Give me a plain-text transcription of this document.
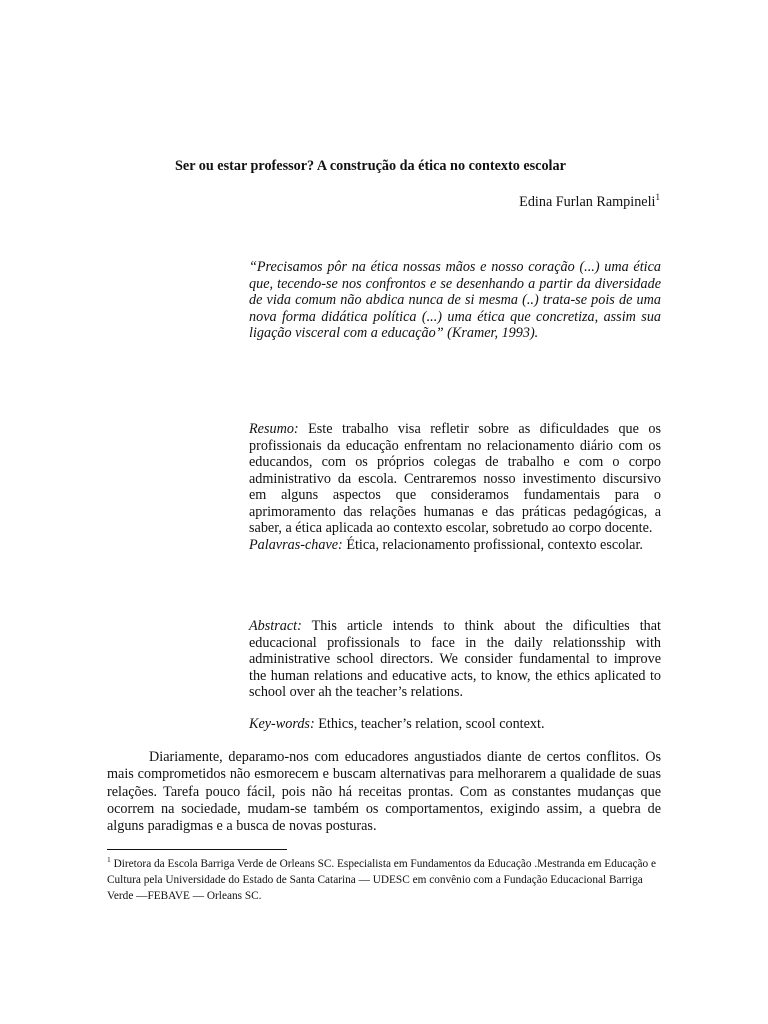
Ser ou estar professor? A construção da ética no contexto escolar
Edina Furlan Rampineli$^1$
“Precisamos pôr na ética nossas mãos e nosso coração (...) uma ética que, tecendo-se nos confrontos e se desenhando a partir da diversidade de vida comum não abdica nunca de si mesma (..) trata-se pois de uma nova forma didática política (...) uma ética que concretiza, assim sua ligação visceral com a educação” (Kramer, 1993).
Resumo: Este trabalho visa refletir sobre as dificuldades que os profissionais da educação enfrentam no relacionamento diário com os educandos, com os próprios colegas de trabalho e com o corpo administrativo da escola. Centraremos nosso investimento discursivo em alguns aspectos que consideramos fundamentais para o aprimoramento das relações humanas e das práticas pedagógicas, a saber, a ética aplicada ao contexto escolar, sobretudo ao corpo docente.
Palavras-chave: Ética, relacionamento profissional, contexto escolar.
Abstract: This article intends to think about the dificulties that educacional profissionals to face in the daily relationsship with administrative school directors. We consider fundamental to improve the human relations and educative acts, to know, the ethics aplicated to school over ah the teacher’s relations.
Key-words: Ethics, teacher’s relation, scool context.
Diariamente, deparamo-nos com educadores angustiados diante de certos conflitos. Os mais comprometidos não esmorecem e buscam alternativas para melhorarem a qualidade de suas relações. Tarefa pouco fácil, pois não há receitas prontas. Com as constantes mudanças que ocorrem na sociedade, mudam-se também os comportamentos, exigindo assim, a quebra de alguns paradigmas e a busca de novas posturas.
$^1$ Diretora da Escola Barriga Verde de Orleans SC. Especialista em Fundamentos da Educação .Mestranda em Educação e Cultura pela Universidade do Estado de Santa Catarina — UDESC em convênio com a Fundação Educacional Barriga Verde —FEBAVE — Orleans SC.
